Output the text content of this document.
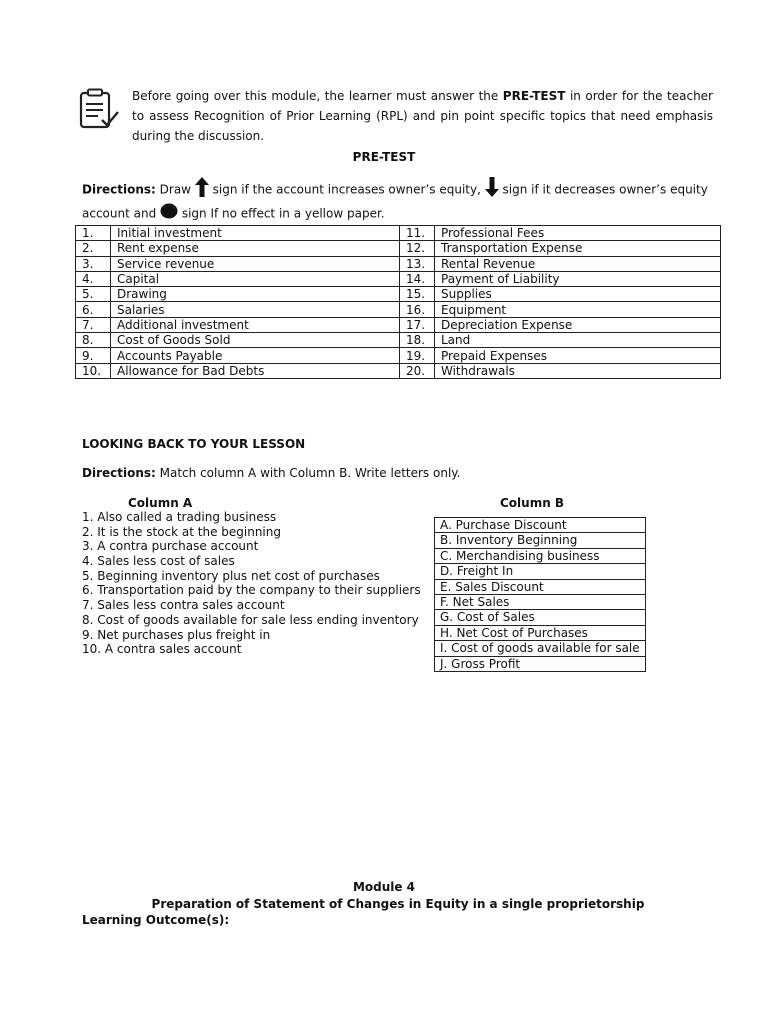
Before going over this module, the learner must answer the PRE-TEST in order for the teacher to assess Recognition of Prior Learning (RPL) and pin point specific topics that need emphasis during the discussion.
PRE-TEST
Directions: Draw  sign if the account increases owner’s equity,  sign if it decreases owner’s equity account and  sign If no effect in a yellow paper.
1.	Initial investment	11.	Professional Fees
2.	Rent expense	12.	Transportation Expense
3.	Service revenue	13.	Rental Revenue
4.	Capital	14.	Payment of Liability
5.	Drawing	15.	Supplies
6.	Salaries	16.	Equipment
7.	Additional investment	17.	Depreciation Expense
8.	Cost of Goods Sold	18.	Land
9.	Accounts Payable	19.	Prepaid Expenses
10.	Allowance for Bad Debts	20.	Withdrawals
LOOKING BACK TO YOUR LESSON
Directions: Match column A with Column B. Write letters only.
Column A	Column B
1. Also called a trading business
2. It is the stock at the beginning
3. A contra purchase account
4. Sales less cost of sales
5. Beginning inventory plus net cost of purchases
6. Transportation paid by the company to their suppliers
7. Sales less contra sales account
8. Cost of goods available for sale less ending inventory
9. Net purchases plus freight in
10. A contra sales account
A. Purchase Discount
B. Inventory Beginning
C. Merchandising business
D. Freight In
E. Sales Discount
F. Net Sales
G. Cost of Sales
H. Net Cost of Purchases
I. Cost of goods available for sale
J. Gross Profit
Module 4
Preparation of Statement of Changes in Equity in a single proprietorship
Learning Outcome(s):
